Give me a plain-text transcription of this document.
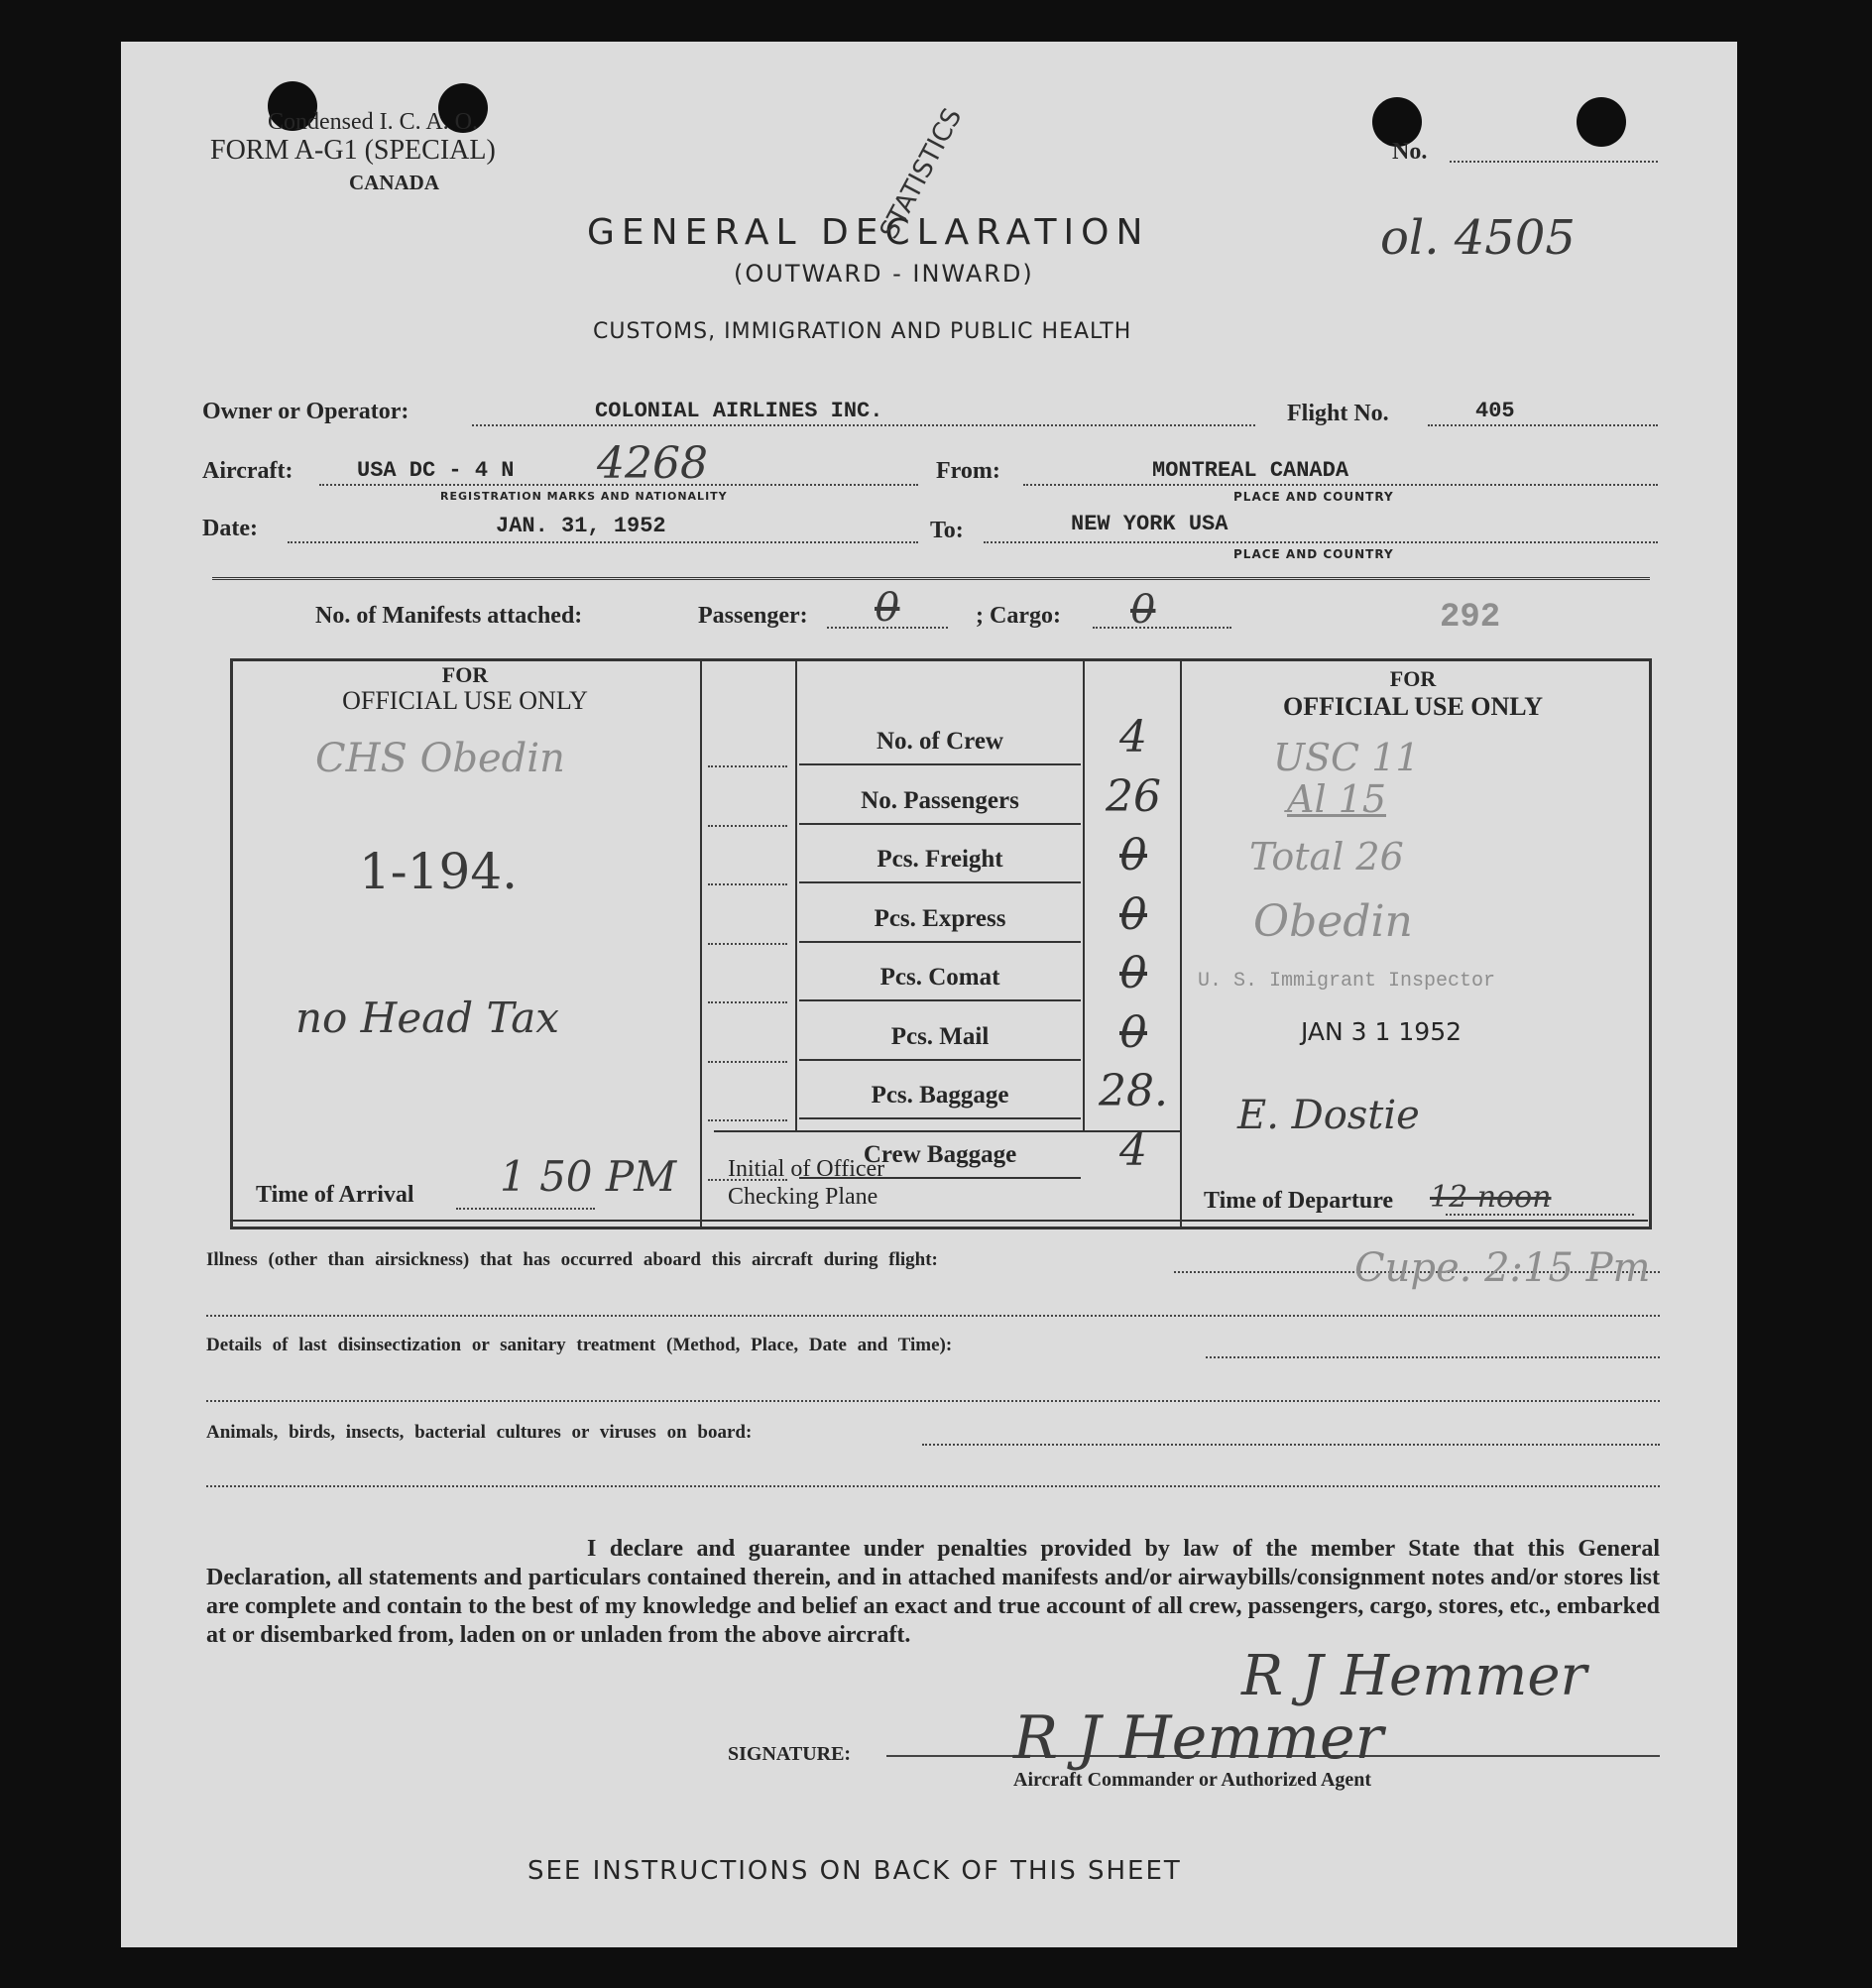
Condensed I. C. A. O.
FORM A-G1 (SPECIAL)
CANADA
No.
ol. 4505
GENERAL DECLARATION
(OUTWARD - INWARD)
STATISTICS
CUSTOMS, IMMIGRATION AND PUBLIC HEALTH
Owner or Operator:	COLONIAL AIRLINES INC.	Flight No.	405
Aircraft:	USA DC - 4 N 4268
REGISTRATION MARKS AND NATIONALITY
From:	MONTREAL CANADA
PLACE AND COUNTRY
Date:	JAN. 31, 1952	To:	NEW YORK USA
PLACE AND COUNTRY
No. of Manifests attached:	Passenger: 0	; Cargo: 0	292
FOR
OFFICIAL USE ONLY
CHS Obedin
1-194.
no Head Tax
Time of Arrival 1 50 PM
No. of Crew	4
No. Passengers	26
Pcs. Freight	0
Pcs. Express	0
Pcs. Comat	0
Pcs. Mail	0
Pcs. Baggage	28.
Crew Baggage	4
Initial of Officer
Checking Plane
FOR
OFFICIAL USE ONLY
USC 11
Al 15
Total 26
Obedin
U. S. Immigrant Inspector
JAN 3 1 1952
E. Dostie
Time of Departure 12 noon
Illness (other than airsickness) that has occurred aboard this aircraft during flight:	Cupe. 2:15 Pm
Details of last disinsectization or sanitary treatment (Method, Place, Date and Time):
Animals, birds, insects, bacterial cultures or viruses on board:
I declare and guarantee under penalties provided by law of the member State that this General Declaration, all statements and particulars contained therein, and in attached manifests and/or airwaybills/consignment notes and/or stores list are complete and contain to the best of my knowledge and belief an exact and true account of all crew, passengers, cargo, stores, etc., embarked at or disembarked from, laden on or unladen from the above aircraft.
SIGNATURE:
R J Hemmer
R J Hemmer
Aircraft Commander or Authorized Agent
SEE INSTRUCTIONS ON BACK OF THIS SHEET
